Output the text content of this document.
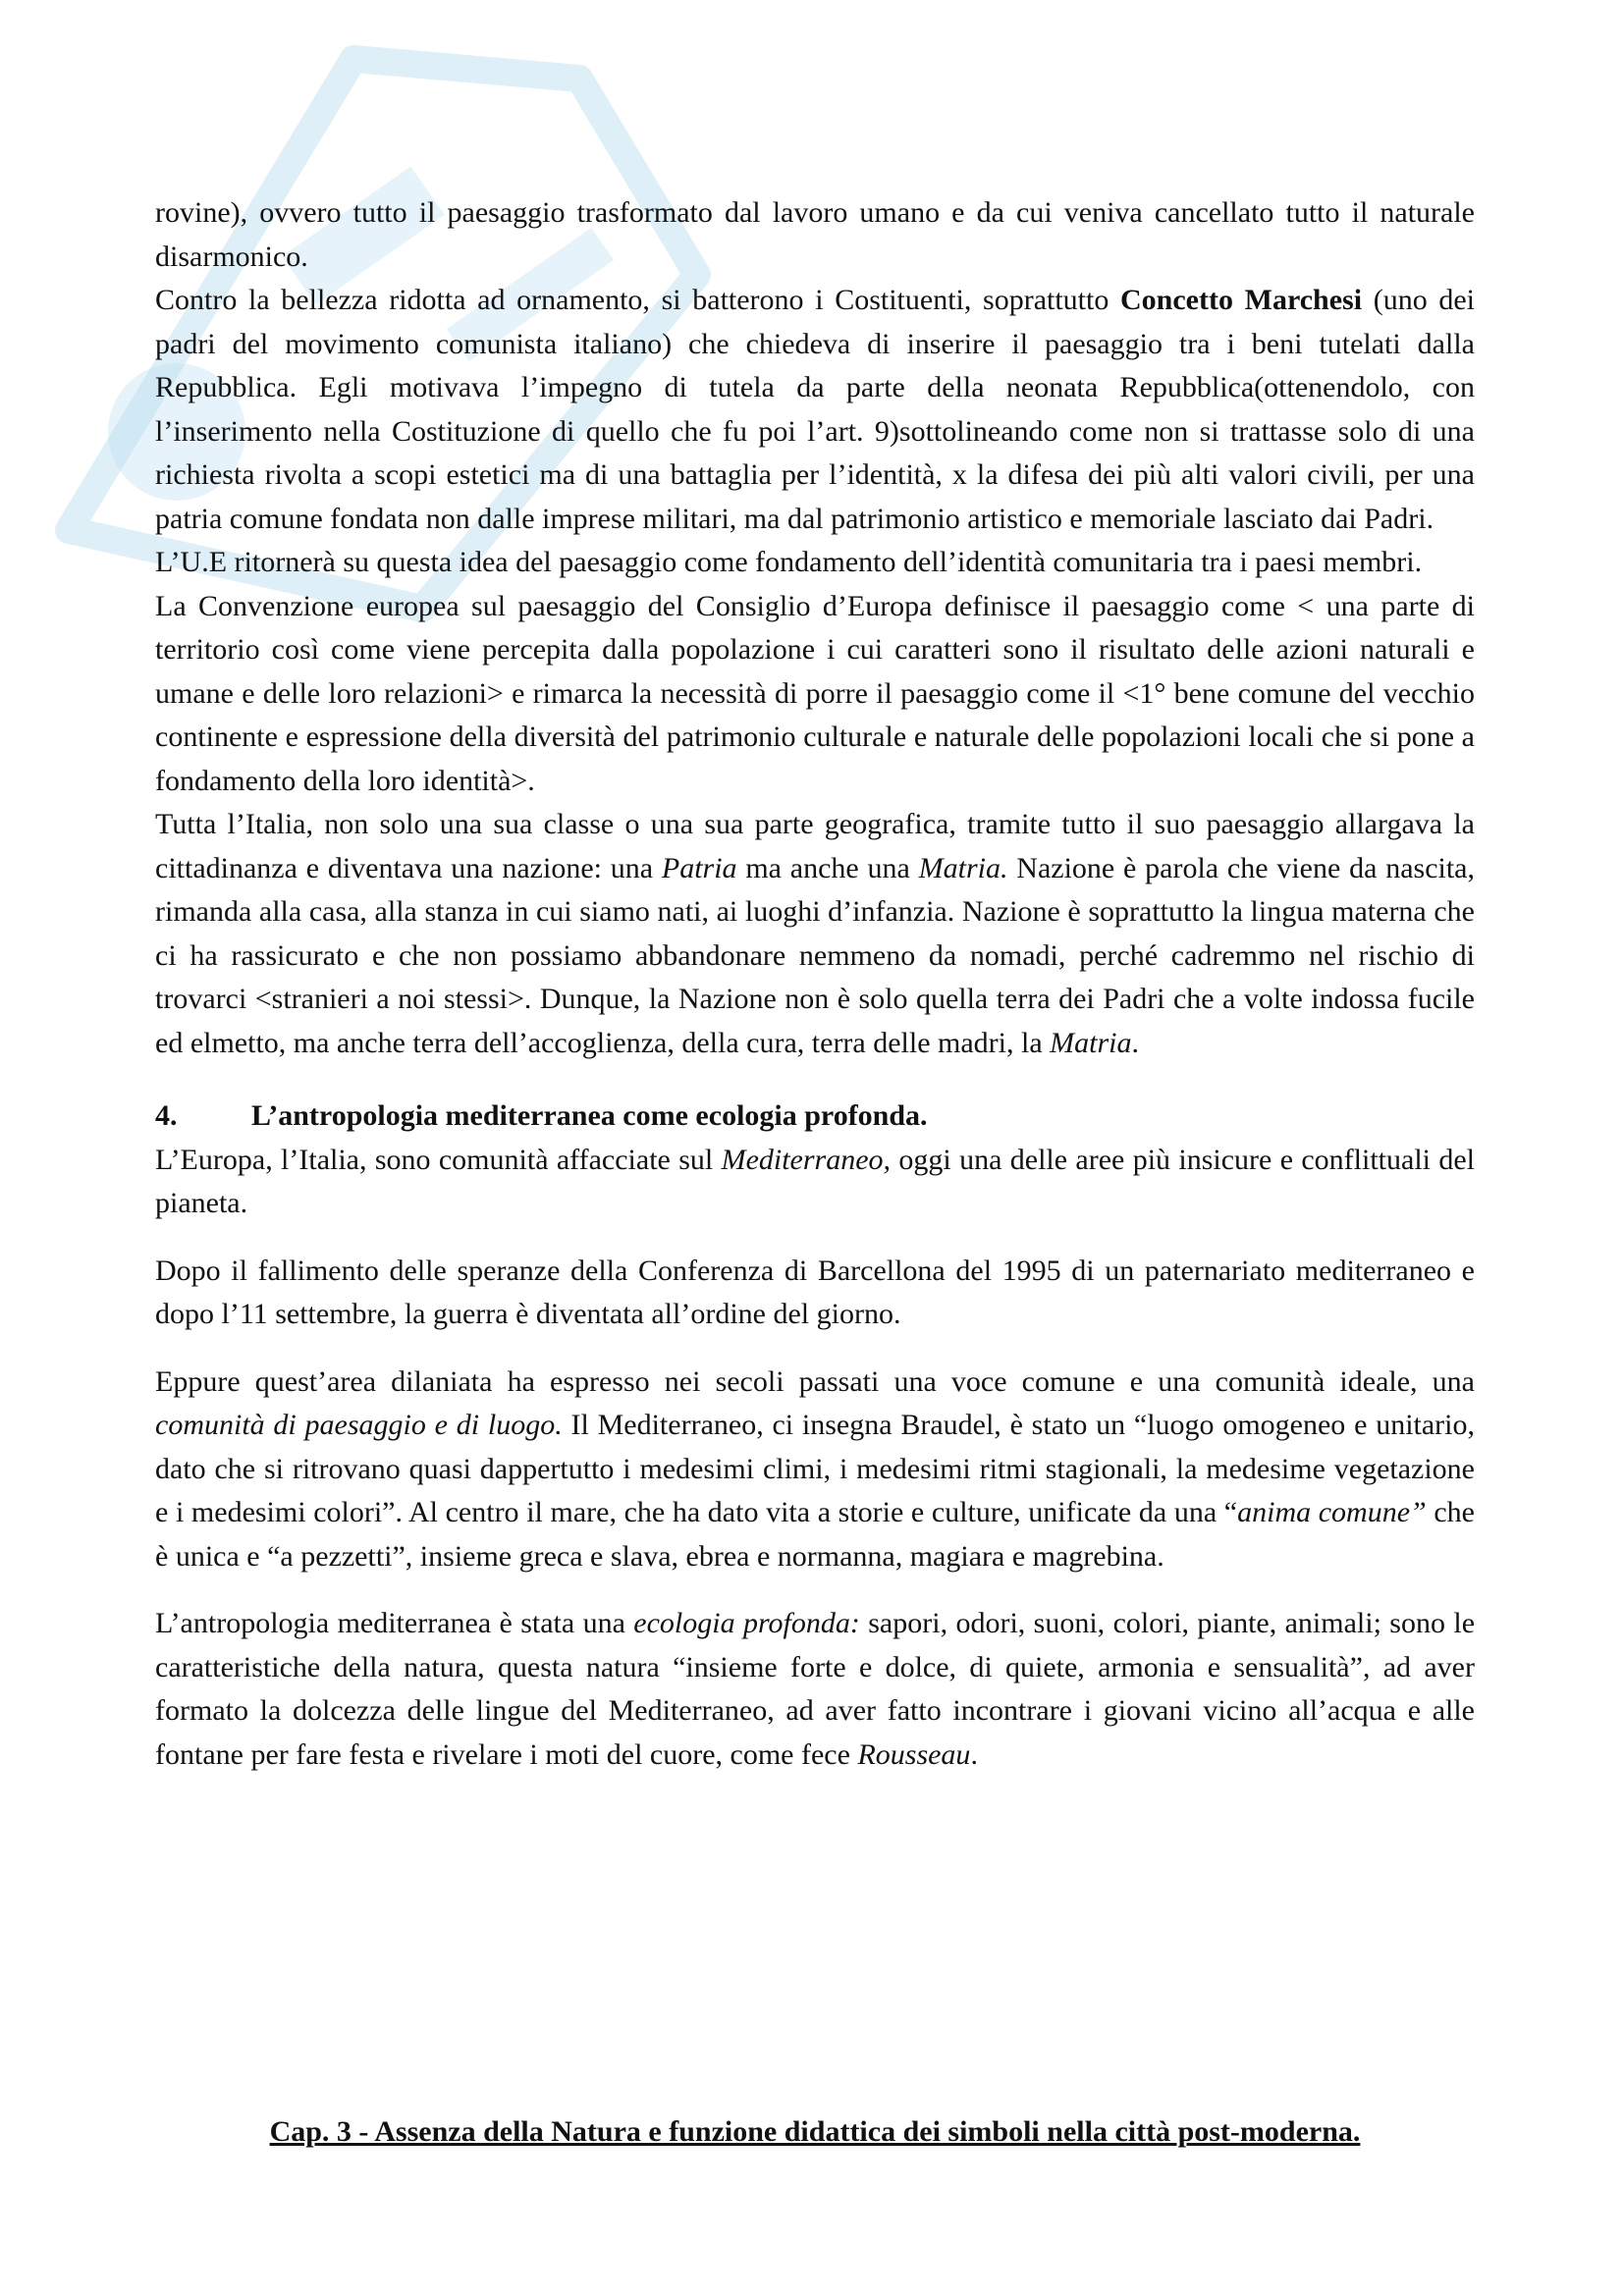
rovine), ovvero tutto il paesaggio trasformato dal lavoro umano e da cui veniva cancellato tutto il naturale disarmonico.

Contro la bellezza ridotta ad ornamento, si batterono i Costituenti, soprattutto Concetto Marchesi (uno dei padri del movimento comunista italiano) che chiedeva di inserire il paesaggio tra i beni tutelati dalla Repubblica. Egli motivava l’impegno di tutela da parte della neonata Repubblica(ottenendolo, con l’inserimento nella Costituzione di quello che fu poi l’art. 9)sottolineando come non si trattasse solo di una richiesta rivolta a scopi estetici ma di una battaglia per l’identità, x la difesa dei più alti valori civili, per una patria comune fondata non dalle imprese militari, ma dal patrimonio artistico e memoriale lasciato dai Padri.

L’U.E ritornerà su questa idea del paesaggio come fondamento dell’identità comunitaria tra i paesi membri.

La Convenzione europea sul paesaggio del Consiglio d’Europa definisce il paesaggio come < una parte di territorio così come viene percepita dalla popolazione i cui caratteri sono il risultato delle azioni naturali e umane e delle loro relazioni> e rimarca la necessità di porre il paesaggio come il <1° bene comune del vecchio continente e espressione della diversità del patrimonio culturale e naturale delle popolazioni locali che si pone a fondamento della loro identità>.

Tutta l’Italia, non solo una sua classe o una sua parte geografica, tramite tutto il suo paesaggio allargava la cittadinanza e diventava una nazione: una Patria ma anche una Matria. Nazione è parola che viene da nascita, rimanda alla casa, alla stanza in cui siamo nati, ai luoghi d’infanzia. Nazione è soprattutto la lingua materna che ci ha rassicurato e che non possiamo abbandonare nemmeno da nomadi, perché cadremmo nel rischio di trovarci <stranieri a noi stessi>. Dunque, la Nazione non è solo quella terra dei Padri che a volte indossa fucile ed elmetto, ma anche terra dell’accoglienza, della cura, terra delle madri, la Matria.

4.	L’antropologia mediterranea come ecologia profonda.

L’Europa, l’Italia, sono comunità affacciate sul Mediterraneo, oggi una delle aree più insicure e conflittuali del pianeta.

Dopo il fallimento delle speranze della Conferenza di Barcellona del 1995 di un paternariato mediterraneo e dopo l’11 settembre, la guerra è diventata all’ordine del giorno.

Eppure quest’area dilaniata ha espresso nei secoli passati una voce comune e una comunità ideale, una comunità di paesaggio e di luogo. Il Mediterraneo, ci insegna Braudel, è stato un “luogo omogeneo e unitario, dato che si ritrovano quasi dappertutto i medesimi climi, i medesimi ritmi stagionali, la medesime vegetazione e i medesimi colori”. Al centro il mare, che ha dato vita a storie e culture, unificate da una “anima comune” che è unica e “a pezzetti”, insieme greca e slava, ebrea e normanna, magiara e magrebina.

L’antropologia mediterranea è stata una ecologia profonda: sapori, odori, suoni, colori, piante, animali; sono le caratteristiche della natura, questa natura “insieme forte e dolce, di quiete, armonia e sensualità”, ad aver formato la dolcezza delle lingue del Mediterraneo, ad aver fatto incontrare i giovani vicino all’acqua e alle fontane per fare festa e rivelare i moti del cuore, come fece Rousseau.

Cap. 3 - Assenza della Natura e funzione didattica dei simboli nella città post-moderna.
